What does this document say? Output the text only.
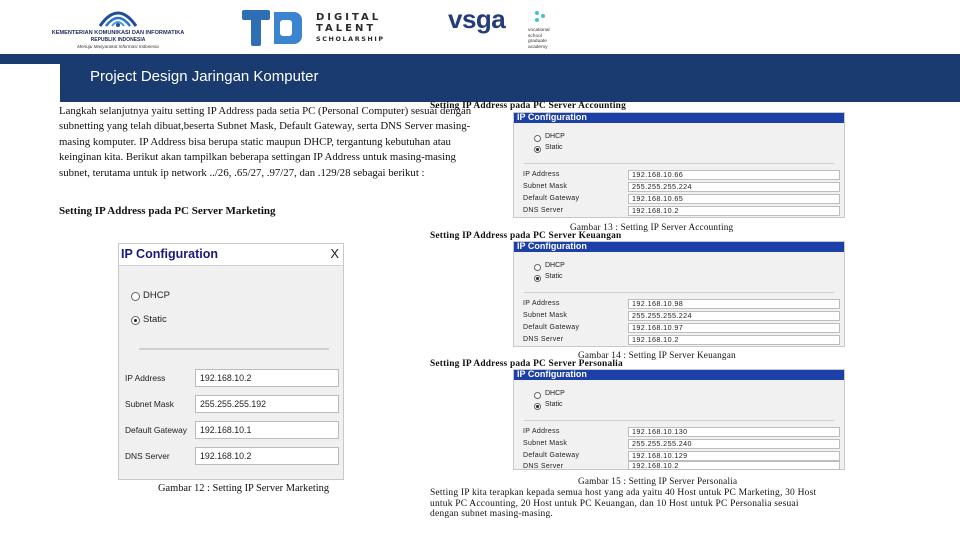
KEMENTERIAN KOMUNIKASI DAN INFORMATIKA
REPUBLIK INDONESIA
Menuju Masyarakat Informasi Indonesia
DIGITAL
TALENT
SCHOLARSHIP
vsga	vocational school graduate academy
Project Design Jaringan Komputer

Langkah selanjutnya yaitu setting IP Address pada setia PC (Personal Computer) sesuai dengan

subnetting yang telah dibuat,beserta Subnet Mask, Default Gateway, serta DNS Server masing-

masing komputer. IP Address bisa berupa static maupun DHCP, tergantung kebutuhan atau

keinginan kita. Berikut akan tampilkan beberapa settingan IP Address untuk masing-masing

subnet, terutama untuk ip network ../26, .65/27, .97/27, dan .129/28 sebagai berikut :

Setting IP Address pada PC Server Marketing
IP Configuration	X
DHCP
Static
IP Address	192.168.10.2
Subnet Mask	255.255.255.192
Default Gateway	192.168.10.1
DNS Server	192.168.10.2
Gambar 12 : Setting IP Server Marketing
Setting IP Address pada PC Server Accounting
IP Configuration
DHCP
Static
IP Address	192.168.10.66
Subnet Mask	255.255.255.224
Default Gateway	192.168.10.65
DNS Server	192.168.10.2
Gambar 13 : Setting IP Server Accounting
Setting IP Address pada PC Server Keuangan
IP Configuration
DHCP
Static
IP Address	192.168.10.98
Subnet Mask	255.255.255.224
Default Gateway	192.168.10.97
DNS Server	192.168.10.2
Gambar 14 : Setting IP Server Keuangan
Setting IP Address pada PC Server Personalia
IP Configuration
DHCP
Static
IP Address	192.168.10.130
Subnet Mask	255.255.255.240
Default Gateway	192.168.10.129
DNS Server	192.168.10.2
Gambar 15 : Setting IP Server Personalia

Setting IP kita terapkan kepada semua host yang ada yaitu 40 Host untuk PC Marketing, 30 Host

untuk PC Accounting, 20 Host untuk PC Keuangan, dan 10 Host untuk PC Personalia sesuai

dengan subnet masing-masing.
